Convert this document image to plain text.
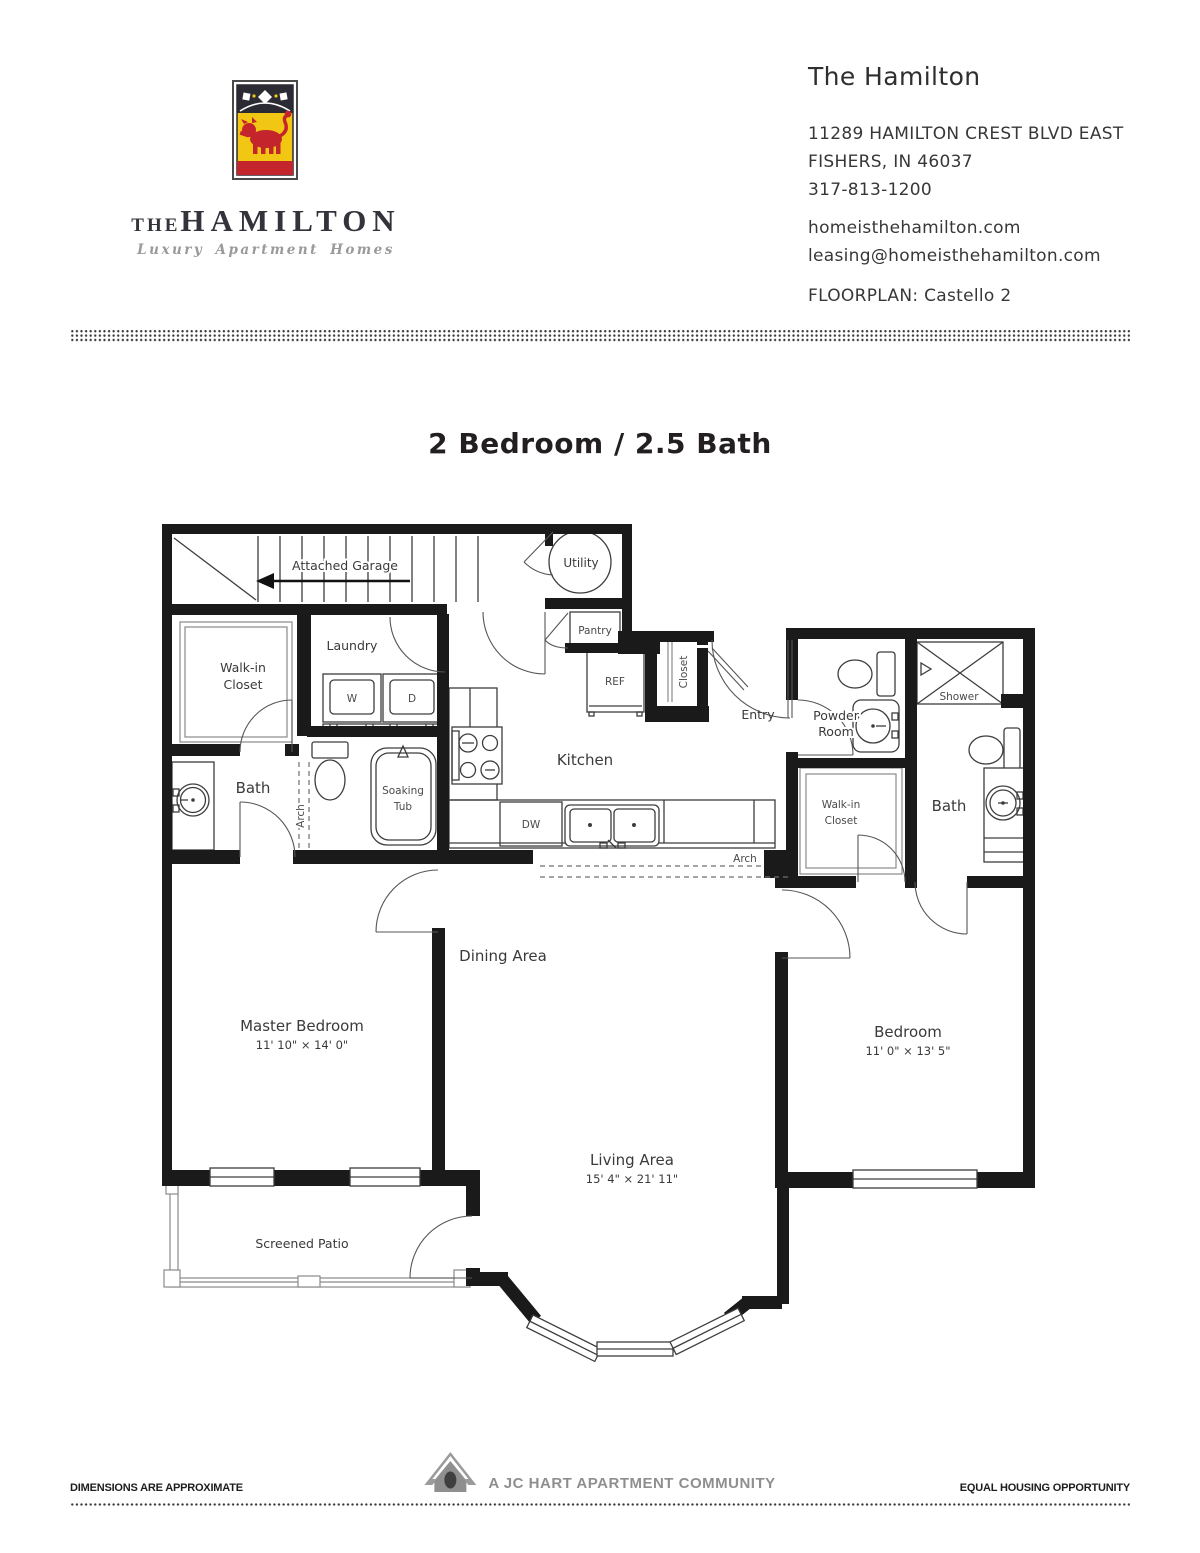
THEHAMILTON
Luxury Apartment Homes
The Hamilton
11289 HAMILTON CREST BLVD EAST
FISHERS, IN 46037
317-813-1200
homeisthehamilton.com
leasing@homeisthehamilton.com
FLOORPLAN: Castello 2
2 Bedroom / 2.5 Bath
Attached Garage	Utility
Pantry
Laundry
Walk-in
Closet
W	D
REF	Closet
Entry	Powder
Room
Shower
Bath
Bath
Soaking
Tub
Arch
Arch
Kitchen
DW
Walk-in
Closet
Dining Area
Master Bedroom
11' 10" × 14' 0"
Bedroom
11' 0" × 13' 5"
Living Area
15' 4" × 21' 11"
Screened Patio
DIMENSIONS ARE APPROXIMATE	A JC HART APARTMENT COMMUNITY	EQUAL HOUSING OPPORTUNITY
